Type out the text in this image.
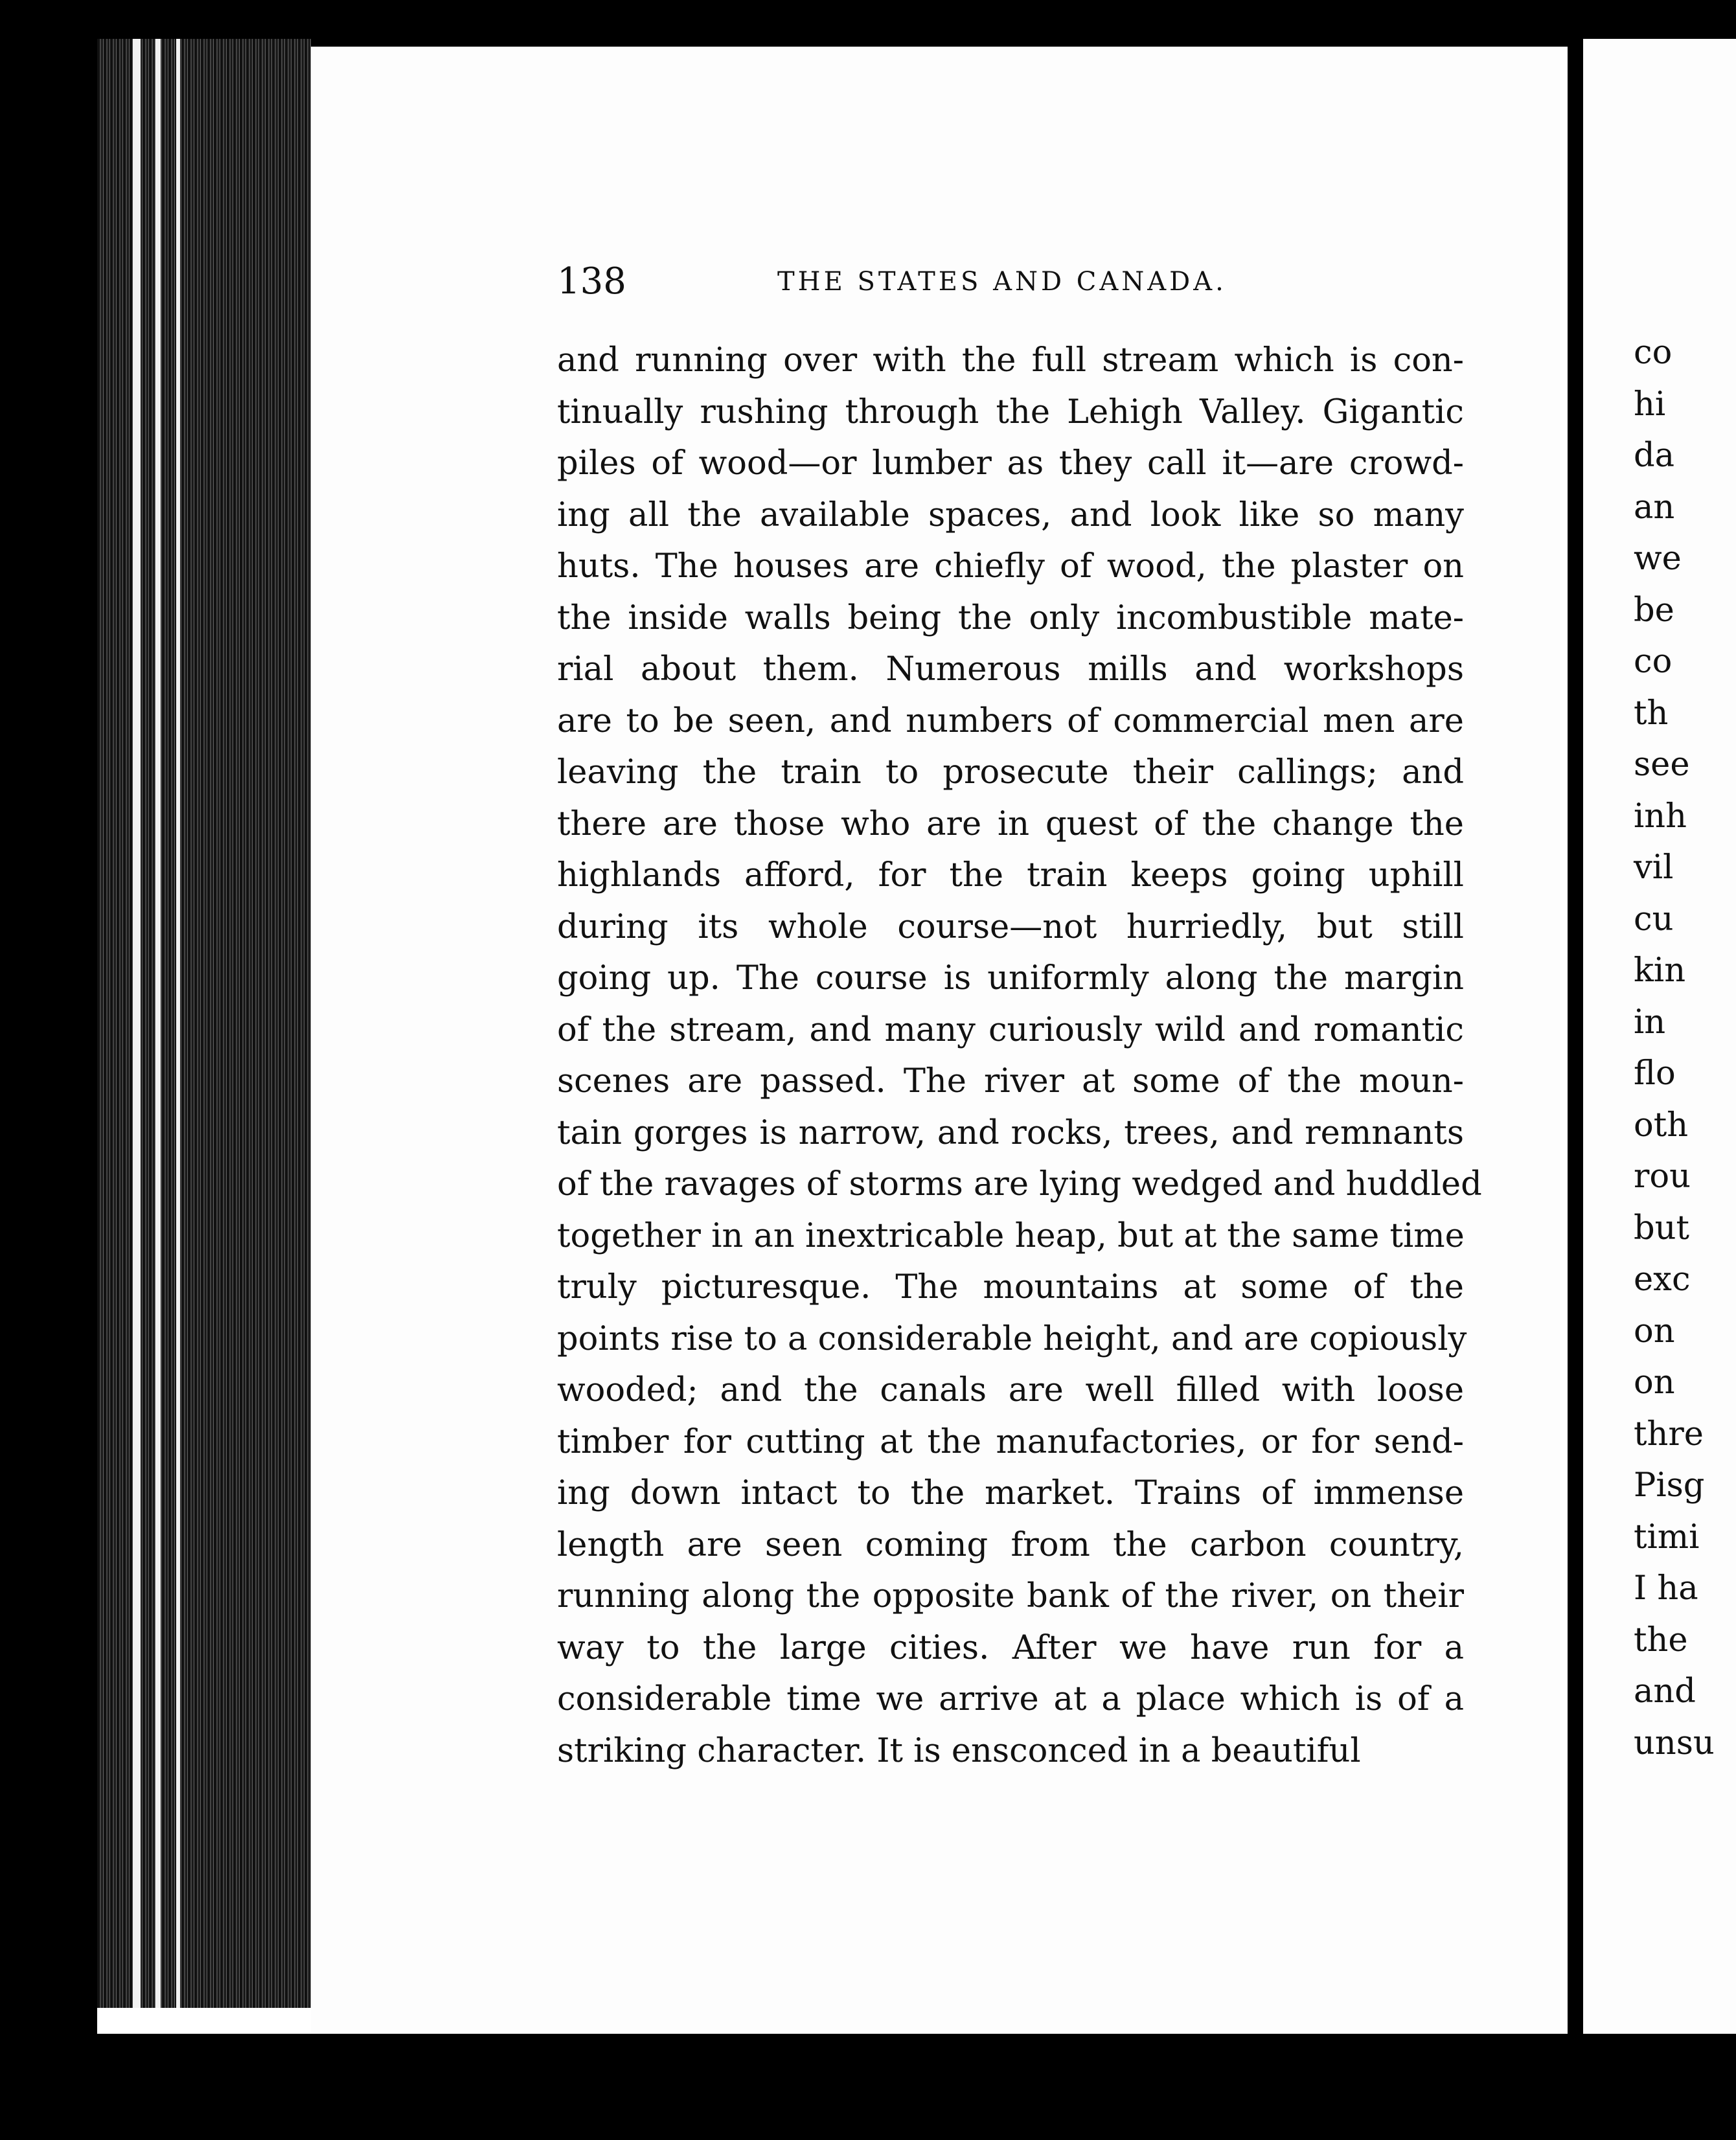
138	THE STATES AND CANADA.
and running over with the full stream which is con-
tinually rushing through the Lehigh Valley. Gigantic
piles of wood—or lumber as they call it—are crowd-
ing all the available spaces, and look like so many
huts. The houses are chiefly of wood, the plaster on
the inside walls being the only incombustible mate-
rial about them. Numerous mills and workshops
are to be seen, and numbers of commercial men are
leaving the train to prosecute their callings; and
there are those who are in quest of the change the
highlands afford, for the train keeps going uphill
during its whole course—not hurriedly, but still
going up. The course is uniformly along the margin
of the stream, and many curiously wild and romantic
scenes are passed. The river at some of the moun-
tain gorges is narrow, and rocks, trees, and remnants
of the ravages of storms are lying wedged and huddled
together in an inextricable heap, but at the same time
truly picturesque. The mountains at some of the
points rise to a considerable height, and are copiously
wooded; and the canals are well filled with loose
timber for cutting at the manufactories, or for send-
ing down intact to the market. Trains of immense
length are seen coming from the carbon country,
running along the opposite bank of the river, on their
way to the large cities. After we have run for a
considerable time we arrive at a place which is of a
striking character. It is ensconced in a beautiful
co
hi
da
an
we
be
co
th
see
inh
vil
cu
kin
in
flo
oth
rou
but
exc
on
on
thre
Pisg
timi
I ha
the
and
unsu
